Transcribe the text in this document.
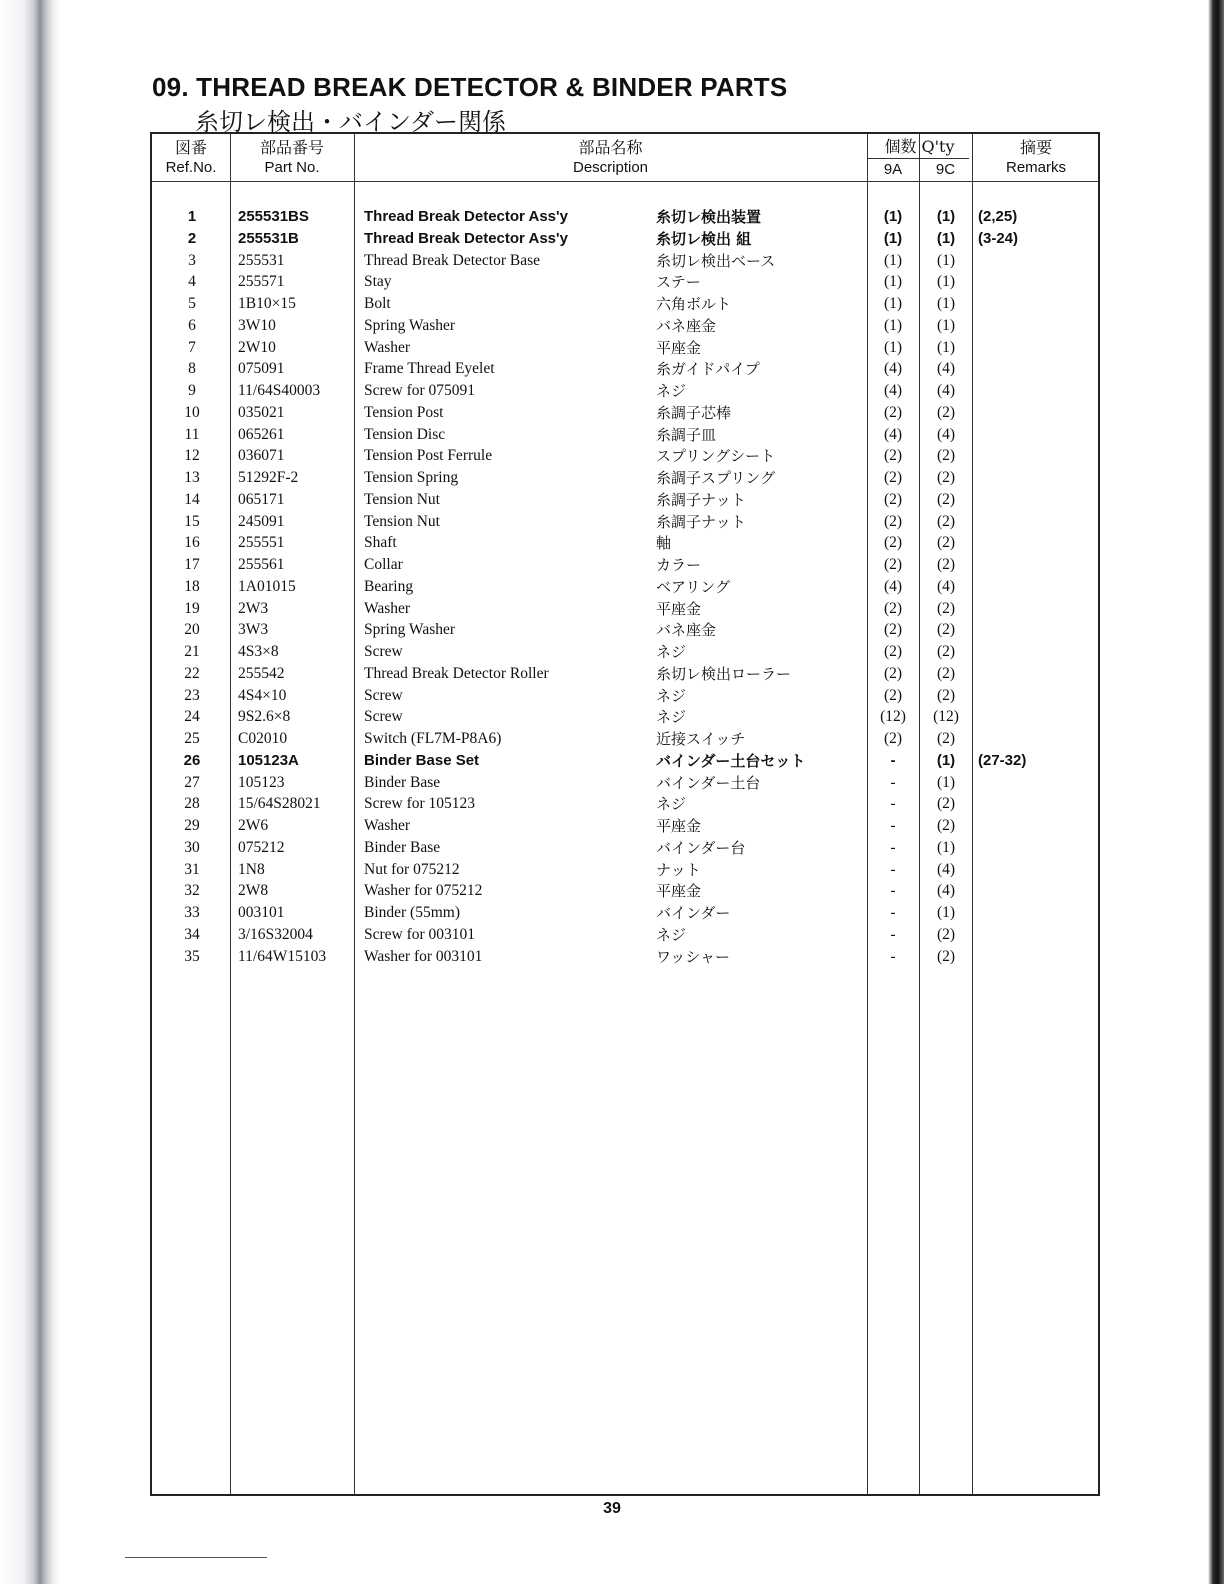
09. THREAD BREAK DETECTOR & BINDER PARTS
糸切レ検出・バインダー関係
図番
Ref.No.
部品番号
Part No.
部品名称
Description
個数 Q'ty
9A	9C
摘要
Remarks
1	255531BS	Thread Break Detector Ass'y	糸切レ検出装置	(1)	(1)	(2,25)
2	255531B	Thread Break Detector Ass'y	糸切レ検出 組	(1)	(1)	(3-24)
3	255531	Thread Break Detector Base	糸切レ検出ベース	(1)	(1)
4	255571	Stay	ステー	(1)	(1)
5	1B10×15	Bolt	六角ボルト	(1)	(1)
6	3W10	Spring Washer	バネ座金	(1)	(1)
7	2W10	Washer	平座金	(1)	(1)
8	075091	Frame Thread Eyelet	糸ガイドパイプ	(4)	(4)
9	11/64S40003	Screw for 075091	ネジ	(4)	(4)
10	035021	Tension Post	糸調子芯棒	(2)	(2)
11	065261	Tension Disc	糸調子皿	(4)	(4)
12	036071	Tension Post Ferrule	スプリングシート	(2)	(2)
13	51292F-2	Tension Spring	糸調子スプリング	(2)	(2)
14	065171	Tension Nut	糸調子ナット	(2)	(2)
15	245091	Tension Nut	糸調子ナット	(2)	(2)
16	255551	Shaft	軸	(2)	(2)
17	255561	Collar	カラー	(2)	(2)
18	1A01015	Bearing	ベアリング	(4)	(4)
19	2W3	Washer	平座金	(2)	(2)
20	3W3	Spring Washer	バネ座金	(2)	(2)
21	4S3×8	Screw	ネジ	(2)	(2)
22	255542	Thread Break Detector Roller	糸切レ検出ローラー	(2)	(2)
23	4S4×10	Screw	ネジ	(2)	(2)
24	9S2.6×8	Screw	ネジ	(12)	(12)
25	C02010	Switch (FL7M-P8A6)	近接スイッチ	(2)	(2)
26	105123A	Binder Base Set	バインダー土台セット	-	(1)	(27-32)
27	105123	Binder Base	バインダー土台	-	(1)
28	15/64S28021	Screw for 105123	ネジ	-	(2)
29	2W6	Washer	平座金	-	(2)
30	075212	Binder Base	バインダー台	-	(1)
31	1N8	Nut for 075212	ナット	-	(4)
32	2W8	Washer for 075212	平座金	-	(4)
33	003101	Binder (55mm)	バインダー	-	(1)
34	3/16S32004	Screw for 003101	ネジ	-	(2)
35	11/64W15103 Washer for 003101	ワッシャー	-	(2)
39
